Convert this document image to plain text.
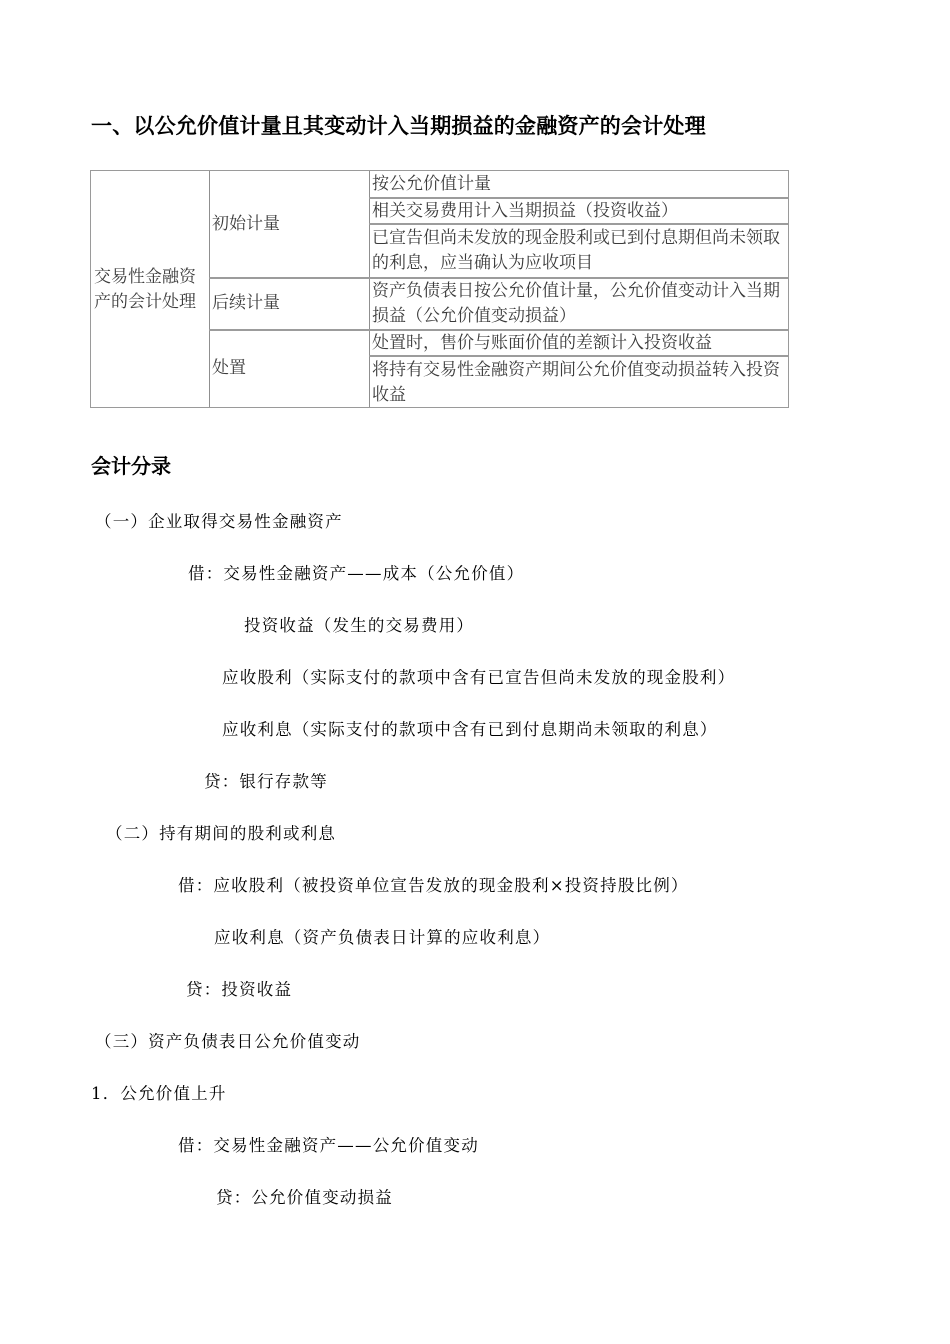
一、以公允价值计量且其变动计入当期损益的金融资产的会计处理
交易性金融资产的会计处理
初始计量
后续计量
处置
按公允价值计量
相关交易费用计入当期损益（投资收益）
已宣告但尚未发放的现金股利或已到付息期但尚未领取的利息，应当确认为应收项目
资产负债表日按公允价值计量，公允价值变动计入当期损益（公允价值变动损益）
处置时，售价与账面价值的差额计入投资收益
将持有交易性金融资产期间公允价值变动损益转入投资收益
会计分录
（一）企业取得交易性金融资产
借：交易性金融资产——成本（公允价值）
投资收益（发生的交易费用）
应收股利（实际支付的款项中含有已宣告但尚未发放的现金股利）
应收利息（实际支付的款项中含有已到付息期尚未领取的利息）
贷：银行存款等
（二）持有期间的股利或利息
借：应收股利（被投资单位宣告发放的现金股利×投资持股比例）
应收利息（资产负债表日计算的应收利息）
贷：投资收益
（三）资产负债表日公允价值变动
1．公允价值上升
借：交易性金融资产——公允价值变动
贷：公允价值变动损益
